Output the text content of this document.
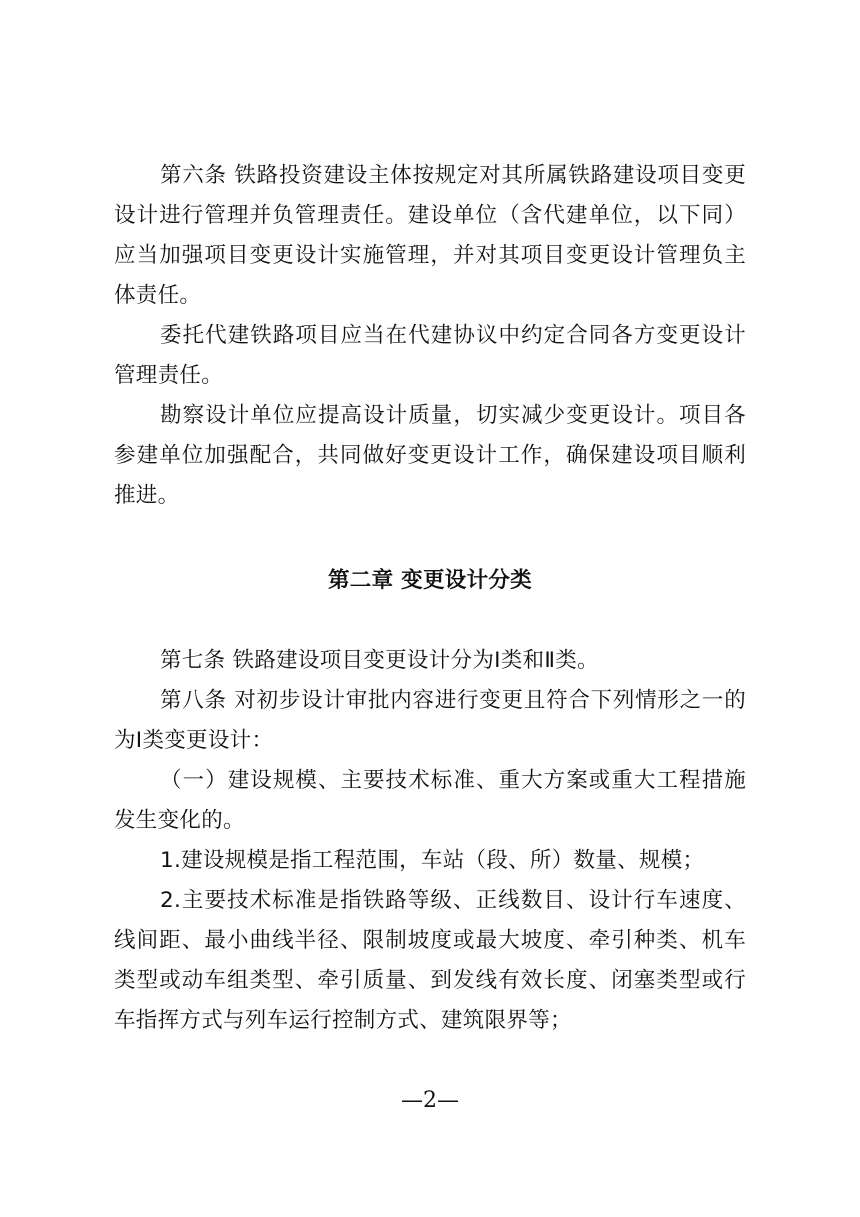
第六条 铁路投资建设主体按规定对其所属铁路建设项目变更设计进行管理并负管理责任。建设单位（含代建单位，以下同）应当加强项目变更设计实施管理，并对其项目变更设计管理负主体责任。

委托代建铁路项目应当在代建协议中约定合同各方变更设计管理责任。

勘察设计单位应提高设计质量，切实减少变更设计。项目各参建单位加强配合，共同做好变更设计工作，确保建设项目顺利推进。

第二章 变更设计分类

第七条 铁路建设项目变更设计分为Ⅰ类和Ⅱ类。

第八条 对初步设计审批内容进行变更且符合下列情形之一的为Ⅰ类变更设计：

（一）建设规模、主要技术标准、重大方案或重大工程措施发生变化的。

1.建设规模是指工程范围，车站（段、所）数量、规模；

2.主要技术标准是指铁路等级、正线数目、设计行车速度、线间距、最小曲线半径、限制坡度或最大坡度、牵引种类、机车类型或动车组类型、牵引质量、到发线有效长度、闭塞类型或行车指挥方式与列车运行控制方式、建筑限界等；

—2—
